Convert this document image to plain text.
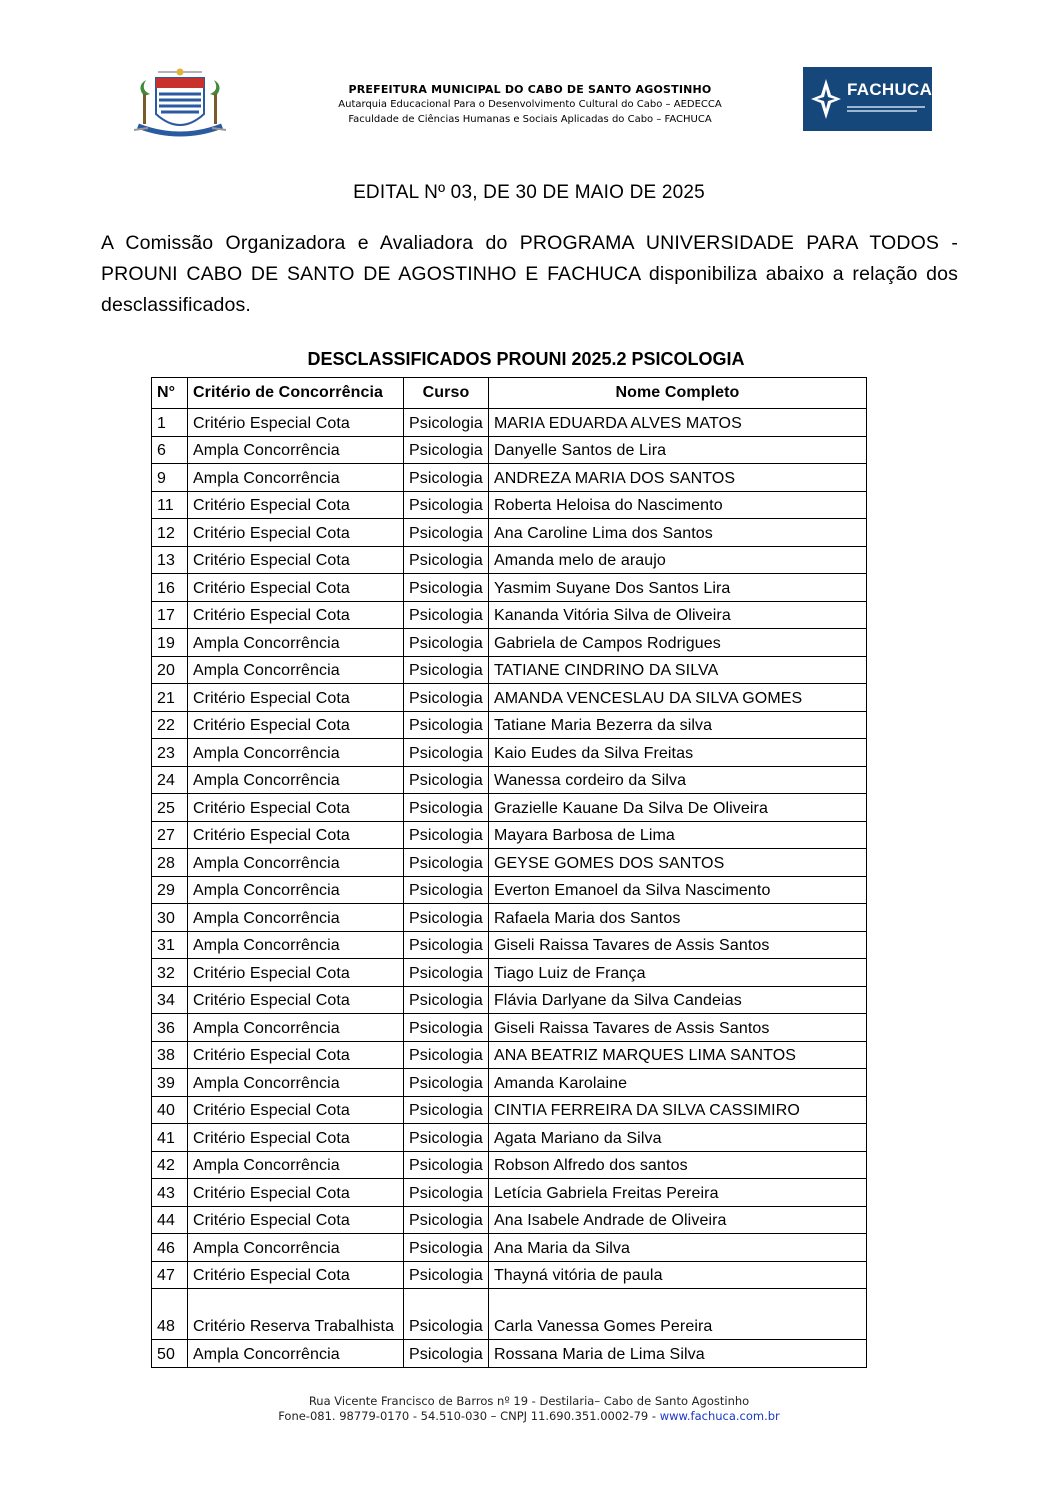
PREFEITURA MUNICIPAL DO CABO DE SANTO AGOSTINHO
Autarquia Educacional Para o Desenvolvimento Cultural do Cabo – AEDECCA
Faculdade de Ciências Humanas e Sociais Aplicadas do Cabo – FACHUCA
FACHUCA
EDITAL Nº 03, DE 30 DE MAIO DE 2025
A Comissão Organizadora e Avaliadora do PROGRAMA UNIVERSIDADE PARA TODOS - PROUNI CABO DE SANTO DE AGOSTINHO E FACHUCA disponibiliza abaixo a relação dos desclassificados.
DESCLASSIFICADOS PROUNI 2025.2 PSICOLOGIA
N°	Critério de Concorrência	Curso	Nome Completo
1	Critério Especial Cota	Psicologia	MARIA EDUARDA ALVES MATOS
6	Ampla Concorrência	Psicologia	Danyelle Santos de Lira
9	Ampla Concorrência	Psicologia	ANDREZA MARIA DOS SANTOS
11	Critério Especial Cota	Psicologia	Roberta Heloisa do Nascimento
12	Critério Especial Cota	Psicologia	Ana Caroline Lima dos Santos
13	Critério Especial Cota	Psicologia	Amanda melo de araujo
16	Critério Especial Cota	Psicologia	Yasmim Suyane Dos Santos Lira
17	Critério Especial Cota	Psicologia	Kananda Vitória Silva de Oliveira
19	Ampla Concorrência	Psicologia	Gabriela de Campos Rodrigues
20	Ampla Concorrência	Psicologia	TATIANE CINDRINO DA SILVA
21	Critério Especial Cota	Psicologia	AMANDA VENCESLAU DA SILVA GOMES
22	Critério Especial Cota	Psicologia	Tatiane Maria Bezerra da silva
23	Ampla Concorrência	Psicologia	Kaio Eudes da Silva Freitas
24	Ampla Concorrência	Psicologia	Wanessa cordeiro da Silva
25	Critério Especial Cota	Psicologia	Grazielle Kauane Da Silva De Oliveira
27	Critério Especial Cota	Psicologia	Mayara Barbosa de Lima
28	Ampla Concorrência	Psicologia	GEYSE GOMES DOS SANTOS
29	Ampla Concorrência	Psicologia	Everton Emanoel da Silva Nascimento
30	Ampla Concorrência	Psicologia	Rafaela Maria dos Santos
31	Ampla Concorrência	Psicologia	Giseli Raissa Tavares de Assis Santos
32	Critério Especial Cota	Psicologia	Tiago Luiz de França
34	Critério Especial Cota	Psicologia	Flávia Darlyane da Silva Candeias
36	Ampla Concorrência	Psicologia	Giseli Raissa Tavares de Assis Santos
38	Critério Especial Cota	Psicologia	ANA BEATRIZ MARQUES LIMA SANTOS
39	Ampla Concorrência	Psicologia	Amanda Karolaine
40	Critério Especial Cota	Psicologia	CINTIA FERREIRA DA SILVA CASSIMIRO
41	Critério Especial Cota	Psicologia	Agata Mariano da Silva
42	Ampla Concorrência	Psicologia	Robson Alfredo dos santos
43	Critério Especial Cota	Psicologia	Letícia Gabriela Freitas Pereira
44	Critério Especial Cota	Psicologia	Ana Isabele Andrade de Oliveira
46	Ampla Concorrência	Psicologia	Ana Maria da Silva
47	Critério Especial Cota	Psicologia	Thayná vitória de paula
48	Critério Reserva Trabalhista	Psicologia	Carla Vanessa Gomes Pereira
50	Ampla Concorrência	Psicologia	Rossana Maria de Lima Silva
Rua Vicente Francisco de Barros nº 19 - Destilaria– Cabo de Santo Agostinho
Fone-081. 98779-0170 - 54.510-030 – CNPJ 11.690.351.0002-79 - www.fachuca.com.br
